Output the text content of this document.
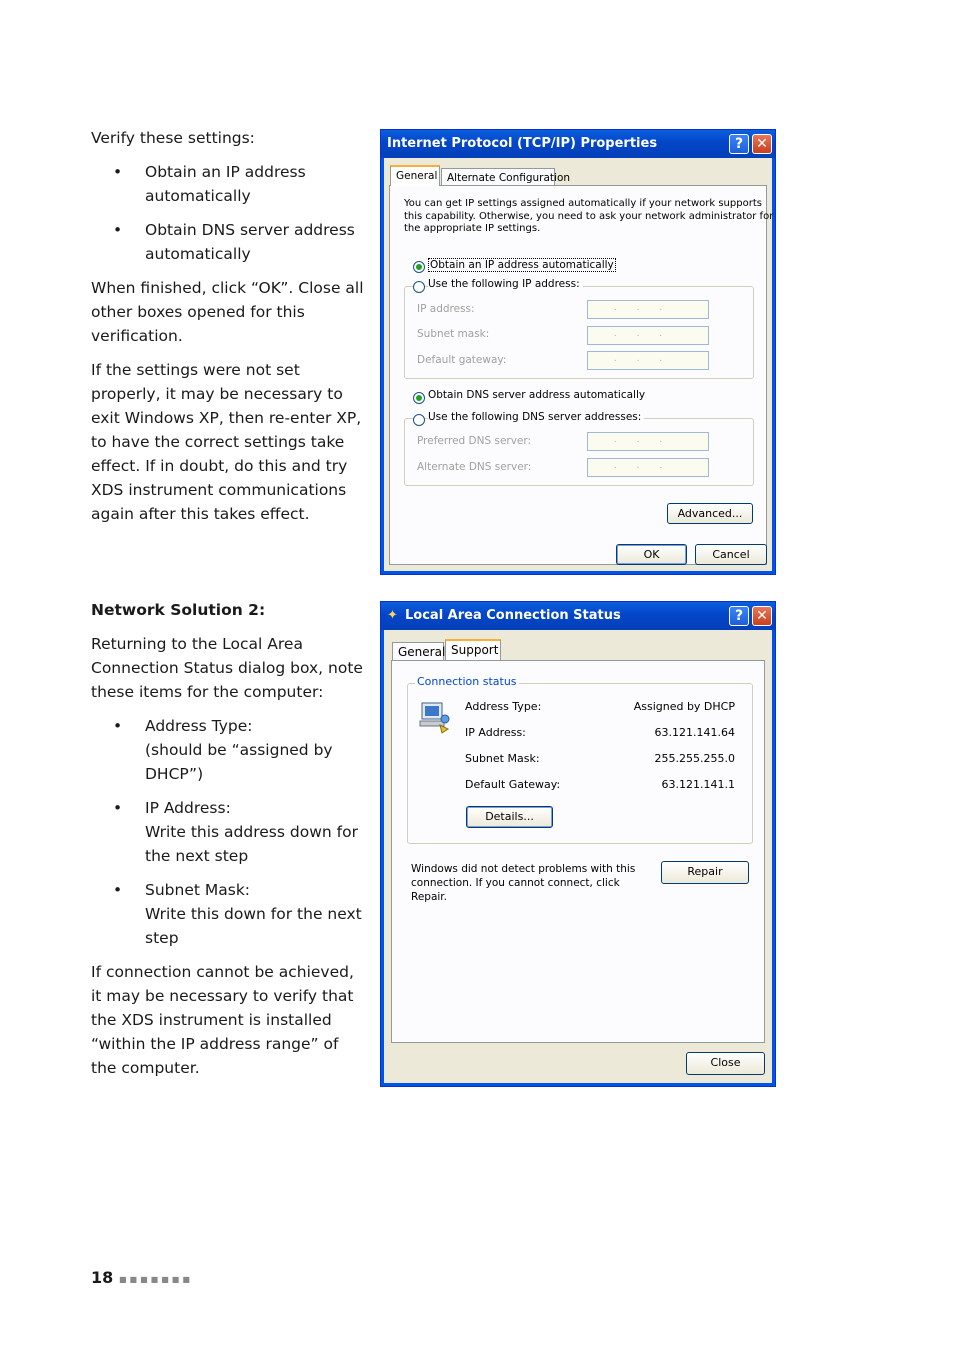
Verify these settings:

• Obtain an IP address automatically
• Obtain DNS server address automatically

When finished, click “OK”. Close all other boxes opened for this verification.

If the settings were not set properly, it may be necessary to exit Windows XP, then re-enter XP, to have the correct settings take effect. If in doubt, do this and try XDS instrument communications again after this takes effect.

Network Solution 2:

Returning to the Local Area Connection Status dialog box, note these items for the computer:

• Address Type:
(should be “assigned by DHCP”)
• IP Address:
Write this address down for the next step
• Subnet Mask:
Write this down for the next step

If connection cannot be achieved, it may be necessary to verify that the XDS instrument is installed “within the IP address range” of the computer.

Internet Protocol (TCP/IP) Properties	? ✕
General Alternate Configuration
You can get IP settings assigned automatically if your network supports
this capability. Otherwise, you need to ask your network administrator for
the appropriate IP settings.
Obtain an IP address automatically
Use the following IP address:
IP address:	...
Subnet mask:	...
Default gateway:	...
Obtain DNS server address automatically
Use the following DNS server addresses:
Preferred DNS server:	...
Alternate DNS server:	...
Advanced...
OK	Cancel
✦ Local Area Connection Status	? ✕
General Support
Connection status
Address Type:	Assigned by DHCP
IP Address:	63.121.141.64
Subnet Mask:	255.255.255.0
Default Gateway:	63.121.141.1
Details...
Windows did not detect problems with this
connection. If you cannot connect, click
Repair.
Repair
Close
18 ■■■■■■■
